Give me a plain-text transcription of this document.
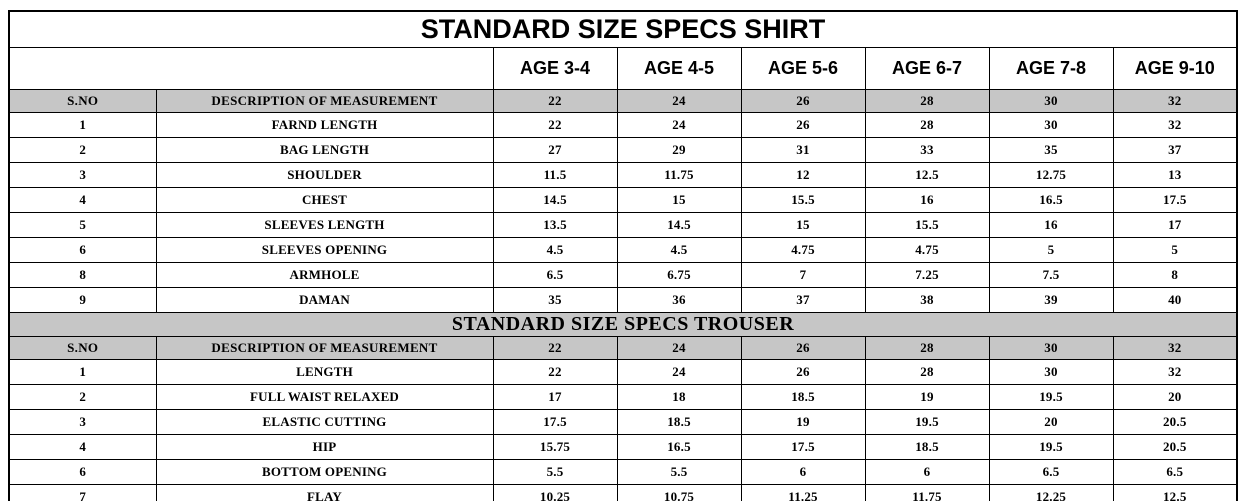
STANDARD SIZE SPECS SHIRT							
		AGE 3-4	AGE 4-5	AGE 5-6	AGE 6-7	AGE 7-8	AGE 9-10
S.NO	DESCRIPTION OF MEASUREMENT	22	24	26	28	30	32
1	FARND LENGTH	22	24	26	28	30	32
2	BAG LENGTH	27	29	31	33	35	37
3	SHOULDER	11.5	11.75	12	12.5	12.75	13
4	CHEST	14.5	15	15.5	16	16.5	17.5
5	SLEEVES LENGTH	13.5	14.5	15	15.5	16	17
6	SLEEVES OPENING	4.5	4.5	4.75	4.75	5	5
8	ARMHOLE	6.5	6.75	7	7.25	7.5	8
9	DAMAN	35	36	37	38	39	40
STANDARD SIZE SPECS TROUSER							
S.NO	DESCRIPTION OF MEASUREMENT	22	24	26	28	30	32
1	LENGTH	22	24	26	28	30	32
2	FULL WAIST RELAXED	17	18	18.5	19	19.5	20
3	ELASTIC CUTTING	17.5	18.5	19	19.5	20	20.5
4	HIP	15.75	16.5	17.5	18.5	19.5	20.5
6	BOTTOM OPENING	5.5	5.5	6	6	6.5	6.5
7	FLAY	10.25	10.75	11.25	11.75	12.25	12.5
